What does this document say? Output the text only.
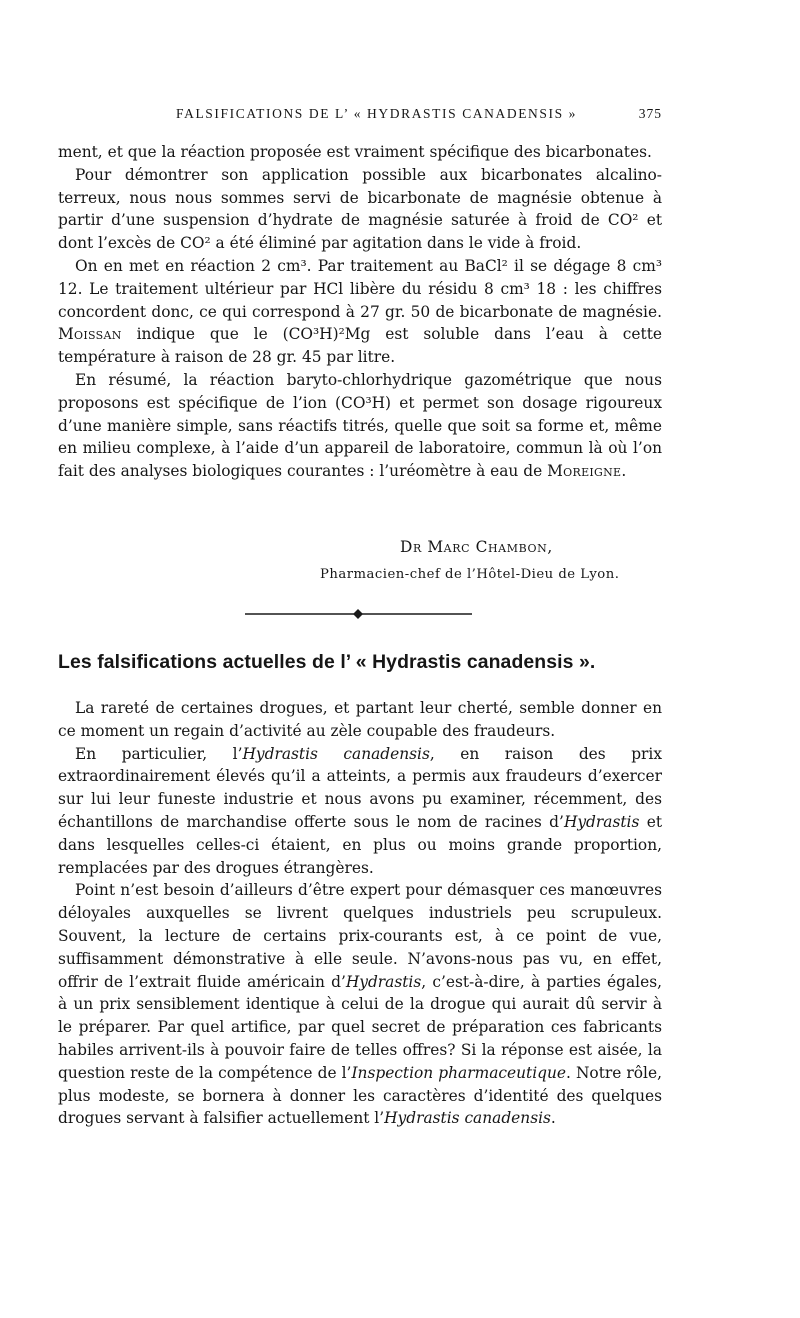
FALSIFICATIONS DE L’ « HYDRASTIS CANADENSIS »	375

ment, et que la réaction proposée est vraiment spécifique des bicarbonates.

Pour démontrer son application possible aux bicarbonates alcalino-terreux, nous nous sommes servi de bicarbonate de magnésie obtenue à partir d’une suspension d’hydrate de magnésie saturée à froid de CO² et dont l’excès de CO² a été éliminé par agitation dans le vide à froid.

On en met en réaction 2 cm³. Par traitement au BaCl² il se dégage 8 cm³ 12. Le traitement ultérieur par HCl libère du résidu 8 cm³ 18 : les chiffres concordent donc, ce qui correspond à 27 gr. 50 de bicarbonate de magnésie. Moissan indique que le (CO³H)²Mg est soluble dans l’eau à cette température à raison de 28 gr. 45 par litre.

En résumé, la réaction baryto-chlorhydrique gazométrique que nous proposons est spécifique de l’ion (CO³H) et permet son dosage rigoureux d’une manière simple, sans réactifs titrés, quelle que soit sa forme et, même en milieu complexe, à l’aide d’un appareil de laboratoire, commun là où l’on fait des analyses biologiques courantes : l’uréomètre à eau de Moreigne.

Dr Marc Chambon,
Pharmacien-chef de l’Hôtel-Dieu de Lyon.
Les falsifications actuelles de l’ « Hydrastis canadensis ».

La rareté de certaines drogues, et partant leur cherté, semble donner en ce moment un regain d’activité au zèle coupable des fraudeurs.

En particulier, l’Hydrastis canadensis, en raison des prix extraordinairement élevés qu’il a atteints, a permis aux fraudeurs d’exercer sur lui leur funeste industrie et nous avons pu examiner, récemment, des échantillons de marchandise offerte sous le nom de racines d’Hydrastis et dans lesquelles celles-ci étaient, en plus ou moins grande proportion, remplacées par des drogues étrangères.

Point n’est besoin d’ailleurs d’être expert pour démasquer ces manœuvres déloyales auxquelles se livrent quelques industriels peu scrupuleux. Souvent, la lecture de certains prix-courants est, à ce point de vue, suffisamment démonstrative à elle seule. N’avons-nous pas vu, en effet, offrir de l’extrait fluide américain d’Hydrastis, c’est-à-dire, à parties égales, à un prix sensiblement identique à celui de la drogue qui aurait dû servir à le préparer. Par quel artifice, par quel secret de préparation ces fabricants habiles arrivent-ils à pouvoir faire de telles offres? Si la réponse est aisée, la question reste de la compétence de l’Inspection pharmaceutique. Notre rôle, plus modeste, se bornera à donner les caractères d’identité des quelques drogues servant à falsifier actuellement l’Hydrastis canadensis.
